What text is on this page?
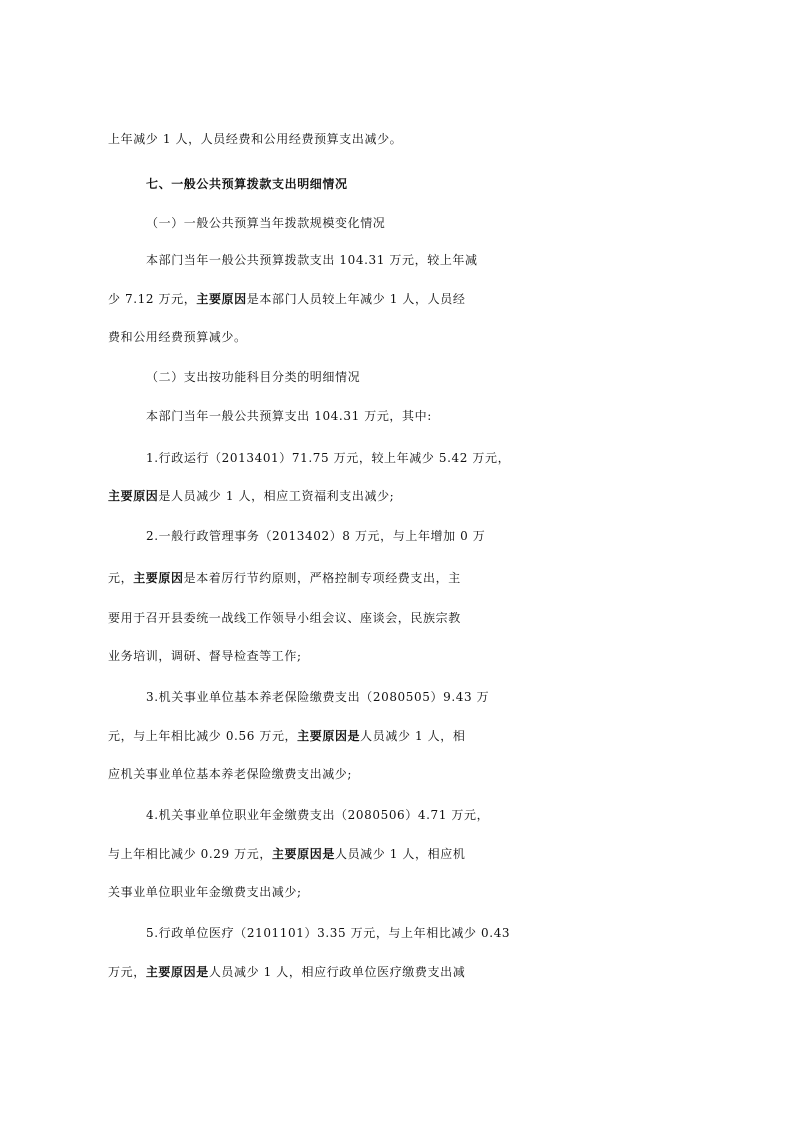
上年减少 1 人，人员经费和公用经费预算支出减少。
七、一般公共预算拨款支出明细情况
（一）一般公共预算当年拨款规模变化情况
本部门当年一般公共预算拨款支出 104.31 万元，较上年减
少 7.12 万元，主要原因是本部门人员较上年减少 1 人，人员经
费和公用经费预算减少。
（二）支出按功能科目分类的明细情况
本部门当年一般公共预算支出 104.31 万元，其中:
1.行政运行（2013401）71.75 万元，较上年减少 5.42 万元，
主要原因是人员减少 1 人，相应工资福利支出减少;
2.一般行政管理事务（2013402）8 万元，与上年增加 0 万
元，主要原因是本着厉行节约原则，严格控制专项经费支出，主
要用于召开县委统一战线工作领导小组会议、座谈会，民族宗教
业务培训，调研、督导检查等工作;
3.机关事业单位基本养老保险缴费支出（2080505）9.43 万
元，与上年相比减少 0.56 万元，主要原因是人员减少 1 人，相
应机关事业单位基本养老保险缴费支出减少;
4.机关事业单位职业年金缴费支出（2080506）4.71 万元，
与上年相比减少 0.29 万元，主要原因是人员减少 1 人，相应机
关事业单位职业年金缴费支出减少;
5.行政单位医疗（2101101）3.35 万元，与上年相比减少 0.43
万元，主要原因是人员减少 1 人，相应行政单位医疗缴费支出减
